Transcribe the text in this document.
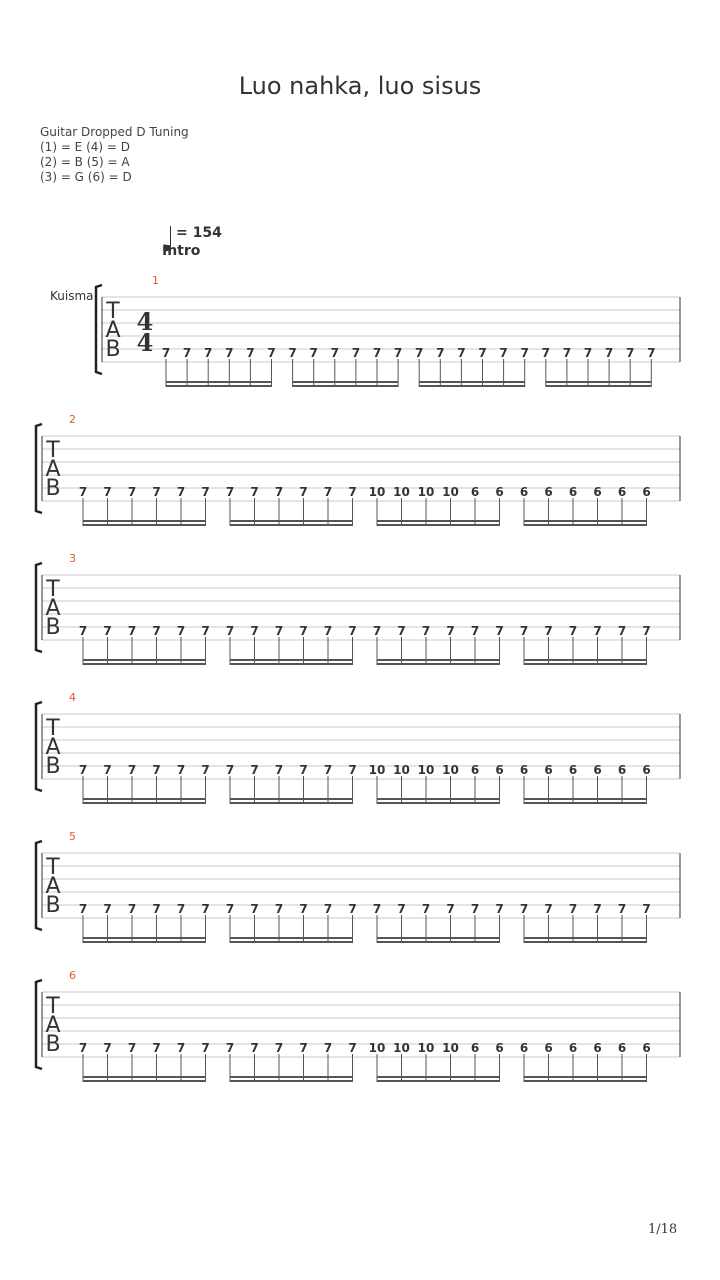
Luo nahka, luo sisus
Guitar Dropped D Tuning
(1) = E (4) = D
(2) = B (5) = A
(3) = G (6) = D
= 154
Intro
Kuisma
T
A
B
4
4
1
7 7 7 7 7 7 7 7 7 7 7 7 7 7 7 7 7 7 7 7 7 7 7 7
T
A
B
2
7 7 7 7 7 7 7 7 7 7 7 7 10 10 10 10 6 6 6 6 6 6 6 6
T
A
B
3
7 7 7 7 7 7 7 7 7 7 7 7 7 7 7 7 7 7 7 7 7 7 7 7
T
A
B
4
7 7 7 7 7 7 7 7 7 7 7 7 10 10 10 10 6 6 6 6 6 6 6 6
T
A
B
5
7 7 7 7 7 7 7 7 7 7 7 7 7 7 7 7 7 7 7 7 7 7 7 7
T
A
B
6
7 7 7 7 7 7 7 7 7 7 7 7 10 10 10 10 6 6 6 6 6 6 6 6
1/18
